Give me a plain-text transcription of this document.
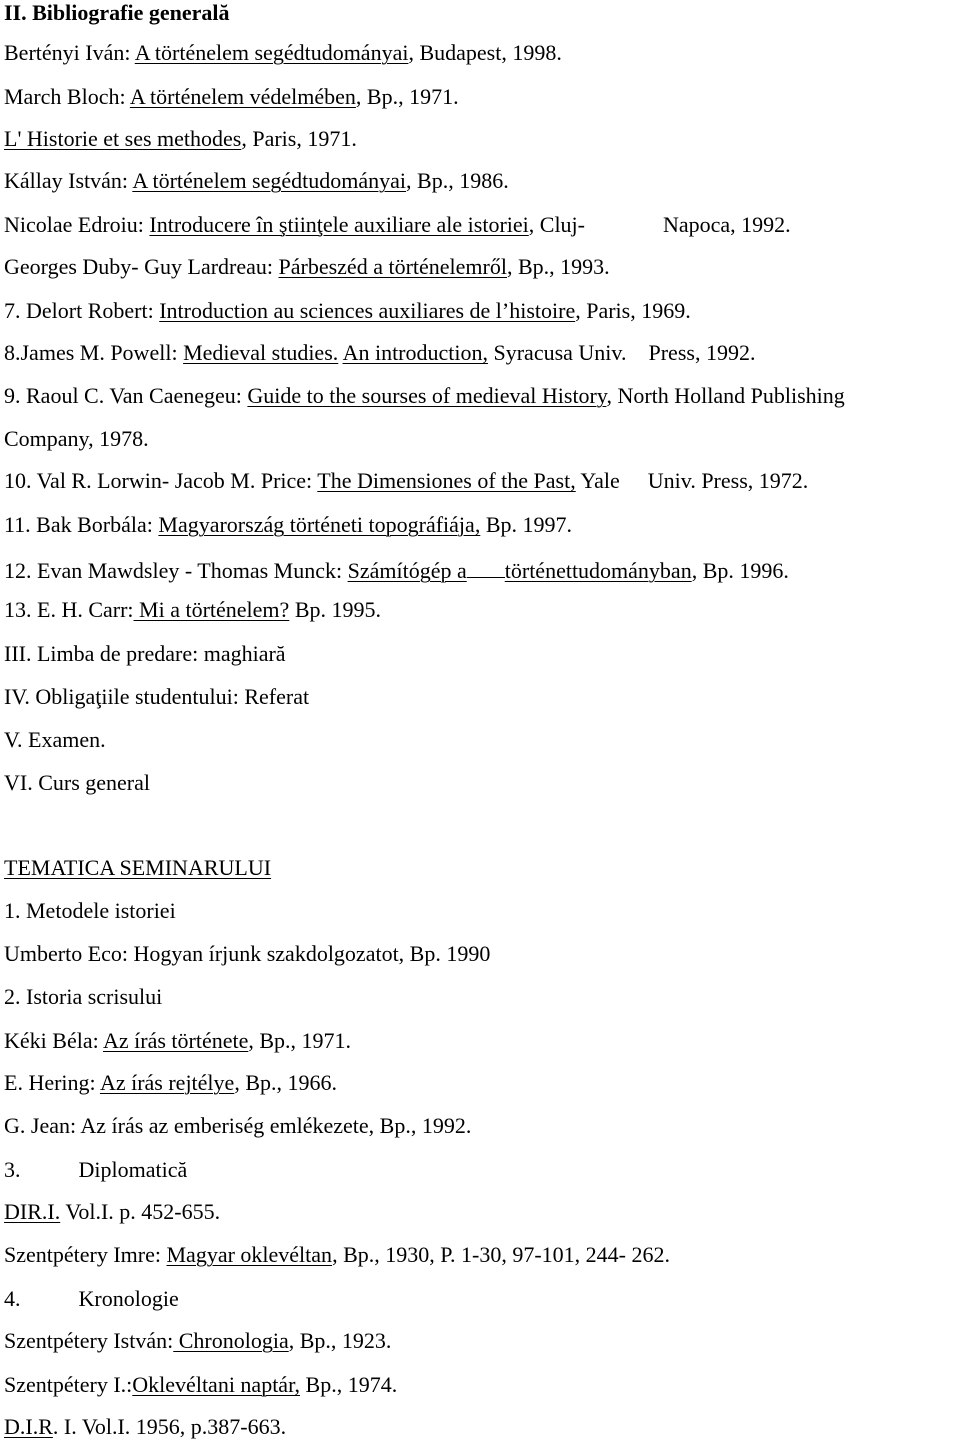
II. Bibliografie generală

Bertényi Iván: A történelem segédtudományai, Budapest, 1998.

March Bloch: A történelem védelmében, Bp., 1971.

L' Historie et ses methodes, Paris, 1971.

Kállay István: A történelem segédtudományai, Bp., 1986.

Nicolae Edroiu: Introducere în ştiinţele auxiliare ale istoriei, Cluj-	Napoca, 1992.

Georges Duby- Guy Lardreau: Párbeszéd a történelemről, Bp., 1993.

7. Delort Robert: Introduction au sciences auxiliares de l’histoire, Paris, 1969.

8.James M. Powell: Medieval studies. An introduction, Syracusa Univ. Press, 1992.

9. Raoul C. Van Caenegeu: Guide to the sourses of medieval History, North Holland Publishing

Company, 1978.

10. Val R. Lorwin- Jacob M. Price: The Dimensiones of the Past, Yale Univ. Press, 1972.

11. Bak Borbála: Magyarország történeti topográfiája, Bp. 1997.

12. Evan Mawdsley - Thomas Munck: Számítógép a történettudományban, Bp. 1996.

13. E. H. Carr: Mi a történelem? Bp. 1995.

III. Limba de predare: maghiară

IV. Obligaţiile studentului: Referat

V. Examen.

VI. Curs general

TEMATICA SEMINARULUI

1. Metodele istoriei

Umberto Eco: Hogyan írjunk szakdolgozatot, Bp. 1990

2. Istoria scrisului

Kéki Béla: Az írás története, Bp., 1971.

E. Hering: Az írás rejtélye, Bp., 1966.

G. Jean: Az írás az emberiség emlékezete, Bp., 1992.

3.	Diplomatică

DIR.I. Vol.I. p. 452-655.

Szentpétery Imre: Magyar oklevéltan, Bp., 1930, P. 1-30, 97-101, 244- 262.

4.	Kronologie

Szentpétery István: Chronologia, Bp., 1923.

Szentpétery I.:Oklevéltani naptár, Bp., 1974.

D.I.R. I. Vol.I. 1956, p.387-663.
